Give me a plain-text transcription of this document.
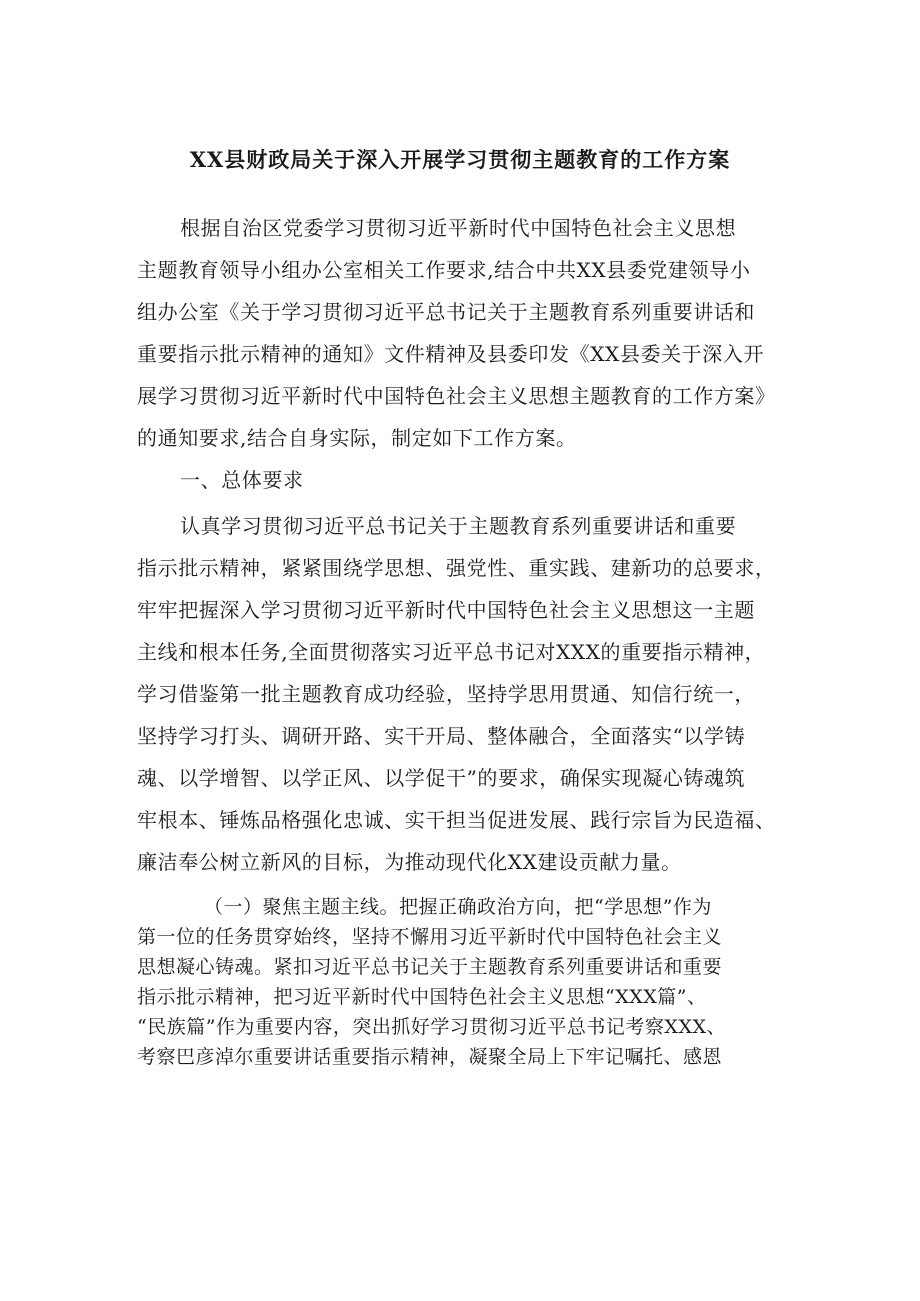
XX县财政局关于深入开展学习贯彻主题教育的工作方案
根据自治区党委学习贯彻习近平新时代中国特色社会主义思想
主题教育领导小组办公室相关工作要求,结合中共XX县委党建领导小
组办公室《关于学习贯彻习近平总书记关于主题教育系列重要讲话和
重要指示批示精神的通知》文件精神及县委印发《XX县委关于深入开
展学习贯彻习近平新时代中国特色社会主义思想主题教育的工作方案》
的通知要求,结合自身实际，制定如下工作方案。
一、总体要求
认真学习贯彻习近平总书记关于主题教育系列重要讲话和重要
指示批示精神，紧紧围绕学思想、强党性、重实践、建新功的总要求，
牢牢把握深入学习贯彻习近平新时代中国特色社会主义思想这一主题
主线和根本任务,全面贯彻落实习近平总书记对XXX的重要指示精神，
学习借鉴第一批主题教育成功经验，坚持学思用贯通、知信行统一，
坚持学习打头、调研开路、实干开局、整体融合，全面落实“以学铸
魂、以学增智、以学正风、以学促干”的要求，确保实现凝心铸魂筑
牢根本、锤炼品格强化忠诚、实干担当促进发展、践行宗旨为民造福、
廉洁奉公树立新风的目标，为推动现代化XX建设贡献力量。
（一）聚焦主题主线。把握正确政治方向，把“学思想”作为
第一位的任务贯穿始终，坚持不懈用习近平新时代中国特色社会主义
思想凝心铸魂。紧扣习近平总书记关于主题教育系列重要讲话和重要
指示批示精神，把习近平新时代中国特色社会主义思想“XXX篇”、
“民族篇”作为重要内容，突出抓好学习贯彻习近平总书记考察XXX、
考察巴彦淖尔重要讲话重要指示精神，凝聚全局上下牢记嘱托、感恩
